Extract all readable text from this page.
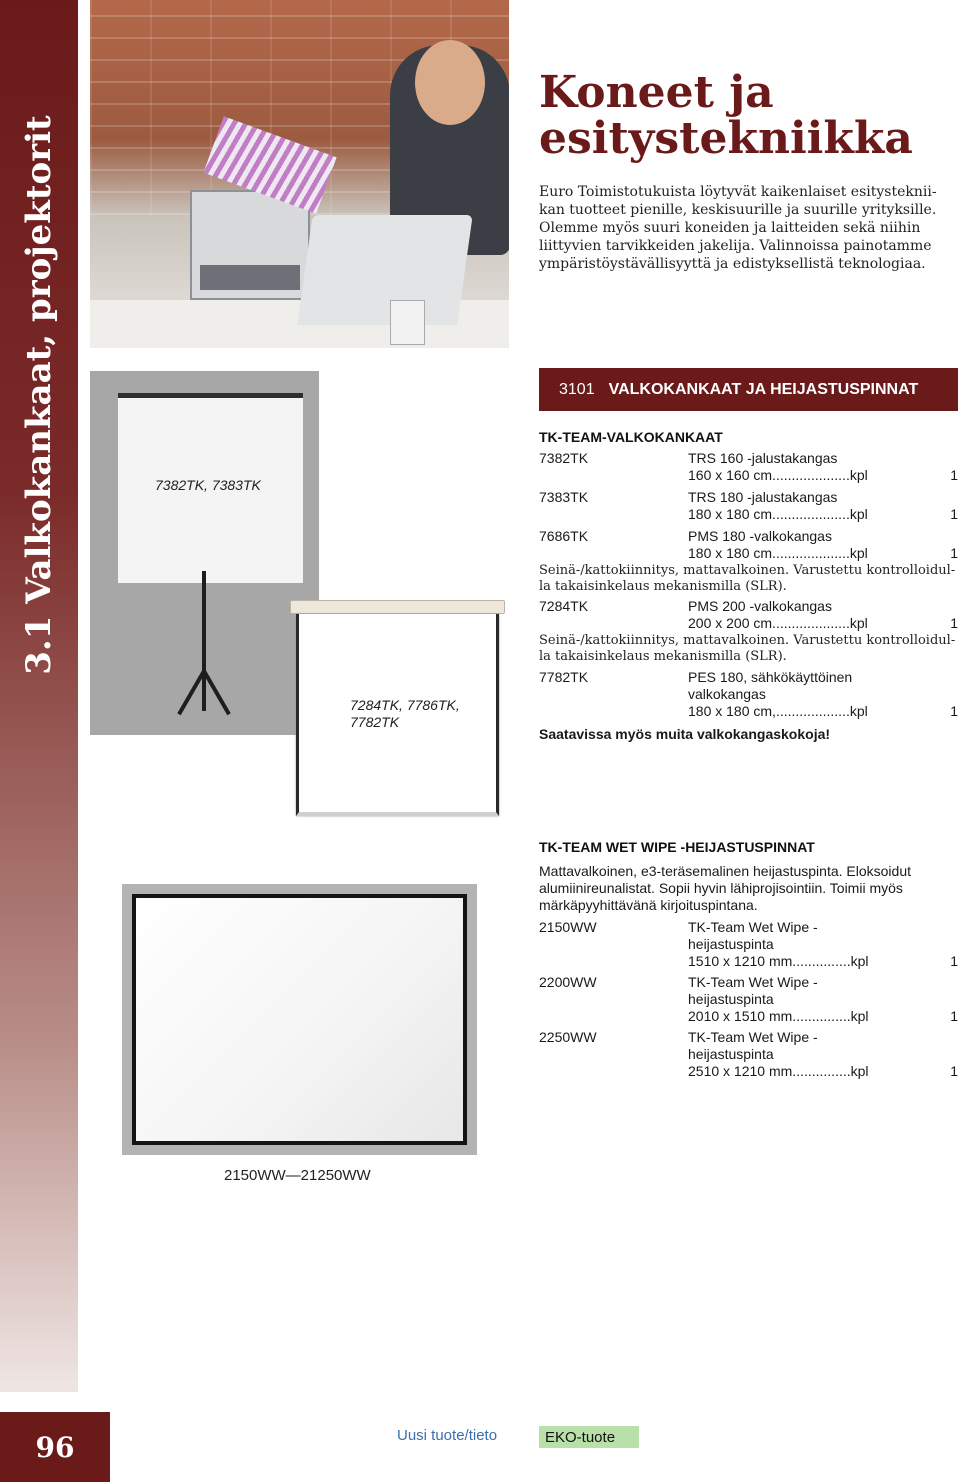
3.1 Valkokankaat, projektorit
96
7382TK, 7383TK
7284TK, 7786TK,
7782TK
2150WW—21250WW
Koneet ja esitystekniikka
Euro Toimistotukuista löytyvät kaikenlaiset esitystekniikan tuotteet pienille, keskisuurille ja suurille yrityksille. Olemme myös suuri koneiden ja laitteiden sekä niihin liittyvien tarvikkeiden jakelija. Valinnoissa painotamme ympäristöystävällisyyttä ja edistyksellistä teknologiaa.
3101 VALKOKANKAAT JA HEIJASTUSPINNAT
TK-TEAM-VALKOKANKAAT
7382TK	TRS 160 -jalustakangas
160 x 160 cm....................kpl	1
7383TK	TRS 180 -jalustakangas
180 x 180 cm....................kpl	1
7686TK	PMS 180 -valkokangas
180 x 180 cm....................kpl	1
Seinä-/kattokiinnitys, mattavalkoinen. Varustettu kontrolloidulla takaisinkelaus mekanismilla (SLR).
7284TK	PMS 200 -valkokangas
200 x 200 cm....................kpl	1
Seinä-/kattokiinnitys, mattavalkoinen. Varustettu kontrolloidulla takaisinkelaus mekanismilla (SLR).
7782TK	PES 180, sähkökäyttöinen valkokangas
180 x 180 cm,...................kpl	1
Saatavissa myös muita valkokangaskokoja!
TK-TEAM WET WIPE -HEIJASTUSPINNAT
Mattavalkoinen, e3-teräsemalinen heijastuspinta. Eloksoidut alumiinireunalistat. Sopii hyvin lähiprojisointiin. Toimii myös märkäpyyhittävänä kirjoituspintana.
2150WW	TK-Team Wet Wipe -heijastuspinta
1510 x 1210 mm...............kpl	1
2200WW	TK-Team Wet Wipe -heijastuspinta
2010 x 1510 mm...............kpl	1
2250WW	TK-Team Wet Wipe -heijastuspinta
2510 x 1210 mm...............kpl	1
Uusi tuote/tieto	EKO-tuote
